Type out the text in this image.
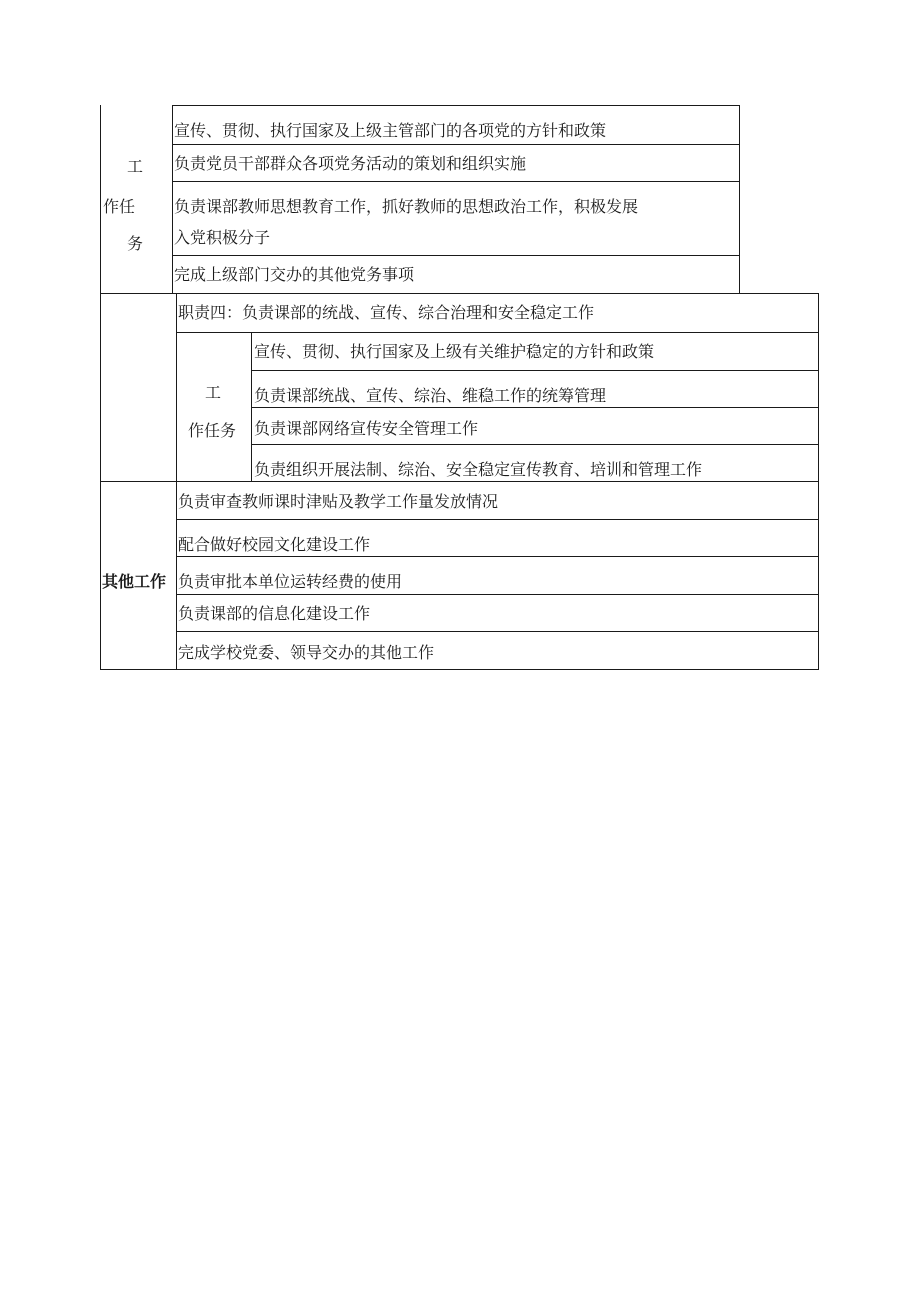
工
作任
务
宣传、贯彻、执行国家及上级主管部门的各项党的方针和政策
负责党员干部群众各项党务活动的策划和组织实施
负责课部教师思想教育工作，抓好教师的思想政治工作，积极发展
入党积极分子
完成上级部门交办的其他党务事项
职责四：负责课部的统战、宣传、综合治理和安全稳定工作
工
作任务
宣传、贯彻、执行国家及上级有关维护稳定的方针和政策
负责课部统战、宣传、综治、维稳工作的统筹管理
负责课部网络宣传安全管理工作
负责组织开展法制、综治、安全稳定宣传教育、培训和管理工作
其他工作
负责审查教师课时津贴及教学工作量发放情况
配合做好校园文化建设工作
负责审批本单位运转经费的使用
负责课部的信息化建设工作
完成学校党委、领导交办的其他工作
